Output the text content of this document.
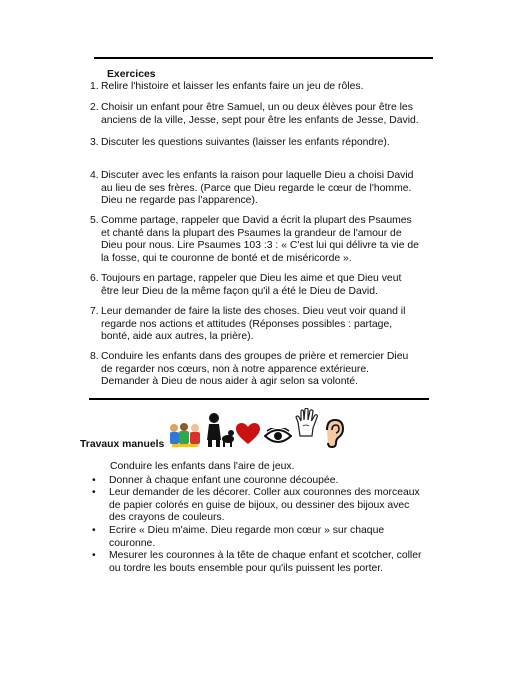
Exercices
1. Relire l'histoire et laisser les enfants faire un jeu de rôles.
2. Choisir un enfant pour être Samuel, un ou deux élèves pour être les anciens de la ville, Jesse, sept pour être les enfants de Jesse, David.
3. Discuter les questions suivantes (laisser les enfants répondre).
4. Discuter avec les enfants la raison pour laquelle Dieu a choisi David au lieu de ses frères. (Parce que Dieu regarde le cœur de l'homme. Dieu ne regarde pas l'apparence).
5. Comme partage, rappeler que David a écrit la plupart des Psaumes et chanté dans la plupart des Psaumes la grandeur de l'amour de Dieu pour nous. Lire Psaumes 103 :3 : « C'est lui qui délivre ta vie de la fosse, qui te couronne de bonté et de miséricorde ».
6. Toujours en partage, rappeler que Dieu les aime et que Dieu veut être leur Dieu de la même façon qu'il a été le Dieu de David.
7. Leur demander de faire la liste des choses. Dieu veut voir quand il regarde nos actions et attitudes (Réponses possibles : partage, bonté, aide aux autres, la prière).
8. Conduire les enfants dans des groupes de prière et remercier Dieu de regarder nos cœurs, non à notre apparence extérieure. Demander à Dieu de nous aider à agir selon sa volonté.
Travaux manuels
Conduire les enfants dans l'aire de jeux.
• Donner à chaque enfant une couronne découpée.
• Leur demander de les décorer. Coller aux couronnes des morceaux de papier colorés en guise de bijoux, ou dessiner des bijoux avec des crayons de couleurs.
• Ecrire « Dieu m'aime. Dieu regarde mon cœur » sur chaque couronne.
• Mesurer les couronnes à la tête de chaque enfant et scotcher, coller ou tordre les bouts ensemble pour qu'ils puissent les porter.
